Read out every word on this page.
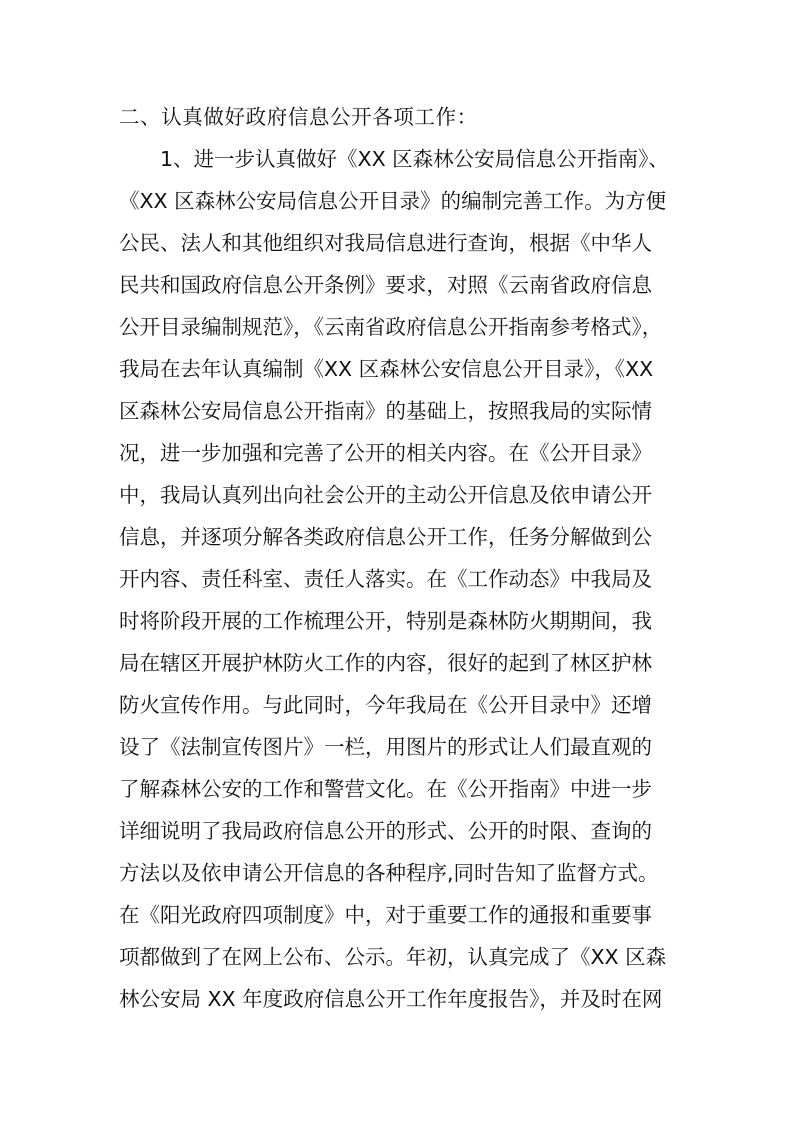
二、认真做好政府信息公开各项工作：
1、进一步认真做好《XX 区森林公安局信息公开指南》、
《XX 区森林公安局信息公开目录》的编制完善工作。为方便
公民、法人和其他组织对我局信息进行查询，根据《中华人
民共和国政府信息公开条例》要求，对照《云南省政府信息
公开目录编制规范》，《云南省政府信息公开指南参考格式》，
我局在去年认真编制《XX 区森林公安信息公开目录》，《XX
区森林公安局信息公开指南》的基础上，按照我局的实际情
况，进一步加强和完善了公开的相关内容。在《公开目录》
中，我局认真列出向社会公开的主动公开信息及依申请公开
信息，并逐项分解各类政府信息公开工作，任务分解做到公
开内容、责任科室、责任人落实。在《工作动态》中我局及
时将阶段开展的工作梳理公开，特别是森林防火期期间，我
局在辖区开展护林防火工作的内容，很好的起到了林区护林
防火宣传作用。与此同时，今年我局在《公开目录中》还增
设了《法制宣传图片》一栏，用图片的形式让人们最直观的
了解森林公安的工作和警营文化。在《公开指南》中进一步
详细说明了我局政府信息公开的形式、公开的时限、查询的
方法以及依申请公开信息的各种程序,同时告知了监督方式。
在《阳光政府四项制度》中，对于重要工作的通报和重要事
项都做到了在网上公布、公示。年初，认真完成了《XX 区森
林公安局 XX 年度政府信息公开工作年度报告》，并及时在网
